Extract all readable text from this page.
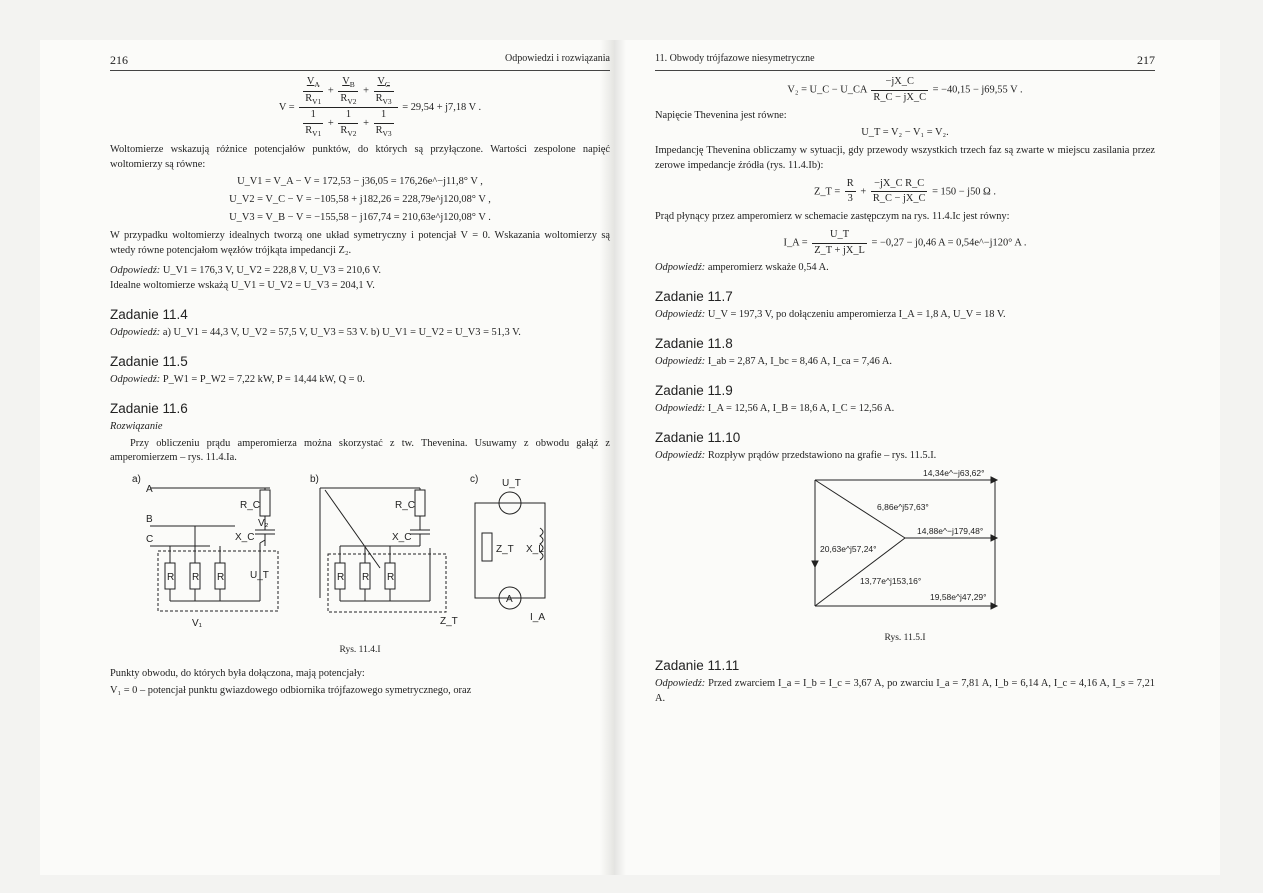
216	Odpowiedzi i rozwiązania
$V = \frac{\frac{V_A}{R_{V1}} + \frac{V_B}{R_{V2}} + \frac{V_C}{R_{V3}}}{\frac{1}{R_{V1}} + \frac{1}{R_{V2}} + \frac{1}{R_{V3}}} = 29,54 + j7,18$ V .

Woltomierze wskazują różnice potencjałów punktów, do których są przyłączone. Wartości zespolone napięć woltomierzy są równe:

U_V1 = V_A − V = 172,53 − j36,05 = 176,26e^−j11,8° V ,
U_V2 = V_C − V = −105,58 + j182,26 = 228,79e^j120,08° V ,
U_V3 = V_B − V = −155,58 − j167,74 = 210,63e^j120,08° V .

W przypadku woltomierzy idealnych tworzą one układ symetryczny i potencjał V = 0. Wskazania woltomierzy są wtedy równe potencjałom węzłów trójkąta impedancji Z₂.

Odpowiedź: U_V1 = 176,3 V, U_V2 = 228,8 V, U_V3 = 210,6 V.
Idealne woltomierze wskażą U_V1 = U_V2 = U_V3 = 204,1 V.

Zadanie 11.4

Odpowiedź: a) U_V1 = 44,3 V, U_V2 = 57,5 V, U_V3 = 53 V. b) U_V1 = U_V2 = U_V3 = 51,3 V.

Zadanie 11.5

Odpowiedź: P_W1 = P_W2 = 7,22 kW, P = 14,44 kW, Q = 0.

Zadanie 11.6
Rozwiązanie

Przy obliczeniu prądu amperomierza można skorzystać z tw. Thevenina. Usuwamy z obwodu gałąź z amperomierzem – rys. 11.4.Ia.

a)
A
B
C
R_C
X_C
V₂
R R R	U_T
V₁
b)
R_C
X_C
R R R
Z_T
c) U_T
Z_T X_L
A
I_A
Rys. 11.4.I

Punkty obwodu, do których była dołączona, mają potencjały:

V₁ = 0 – potencjał punktu gwiazdowego odbiornika trójfazowego symetrycznego, oraz

11. Obwody trójfazowe niesymetryczne	217
V₂ = U_C − U_CA $\frac{-jX\_C}{R\_C - jX\_C} = -40,15 - j69,55$ V .

Napięcie Thevenina jest równe:

U_T = V₂ − V₁ = V₂.

Impedancję Thevenina obliczamy w sytuacji, gdy przewody wszystkich trzech faz są zwarte w miejscu zasilania przez zerowe impedancje źródła (rys. 11.4.Ib):

Z_T = $\frac{R}{3} + \frac{\text{−jX\_C R\_C}}{R\_C - jX\_C} = 150 - j50$ Ω .

Prąd płynący przez amperomierz w schemacie zastępczym na rys. 11.4.Ic jest równy:

I_A = $\frac{U\_T}{Z\_T + jX\_L} = -0,27 - j0,46$ A = 0,54e^−j120° A .

Odpowiedź: amperomierz wskaże 0,54 A.

Zadanie 11.7

Odpowiedź: U_V = 197,3 V, po dołączeniu amperomierza I_A = 1,8 A, U_V = 18 V.

Zadanie 11.8

Odpowiedź: I_ab = 2,87 A, I_bc = 8,46 A, I_ca = 7,46 A.

Zadanie 11.9

Odpowiedź: I_A = 12,56 A, I_B = 18,6 A, I_C = 12,56 A.

Zadanie 11.10

Odpowiedź: Rozpływ prądów przedstawiono na grafie – rys. 11.5.I.

14,34e^−j63,62°
6,86e^j57,63°
20,63e^j57,24°
14,88e^−j179,48°
13,77e^j153,16°
19,58e^j47,29°
Rys. 11.5.I
Zadanie 11.11

Odpowiedź: Przed zwarciem I_a = I_b = I_c = 3,67 A, po zwarciu I_a = 7,81 A, I_b = 6,14 A, I_c = 4,16 A, I_s = 7,21 A.
